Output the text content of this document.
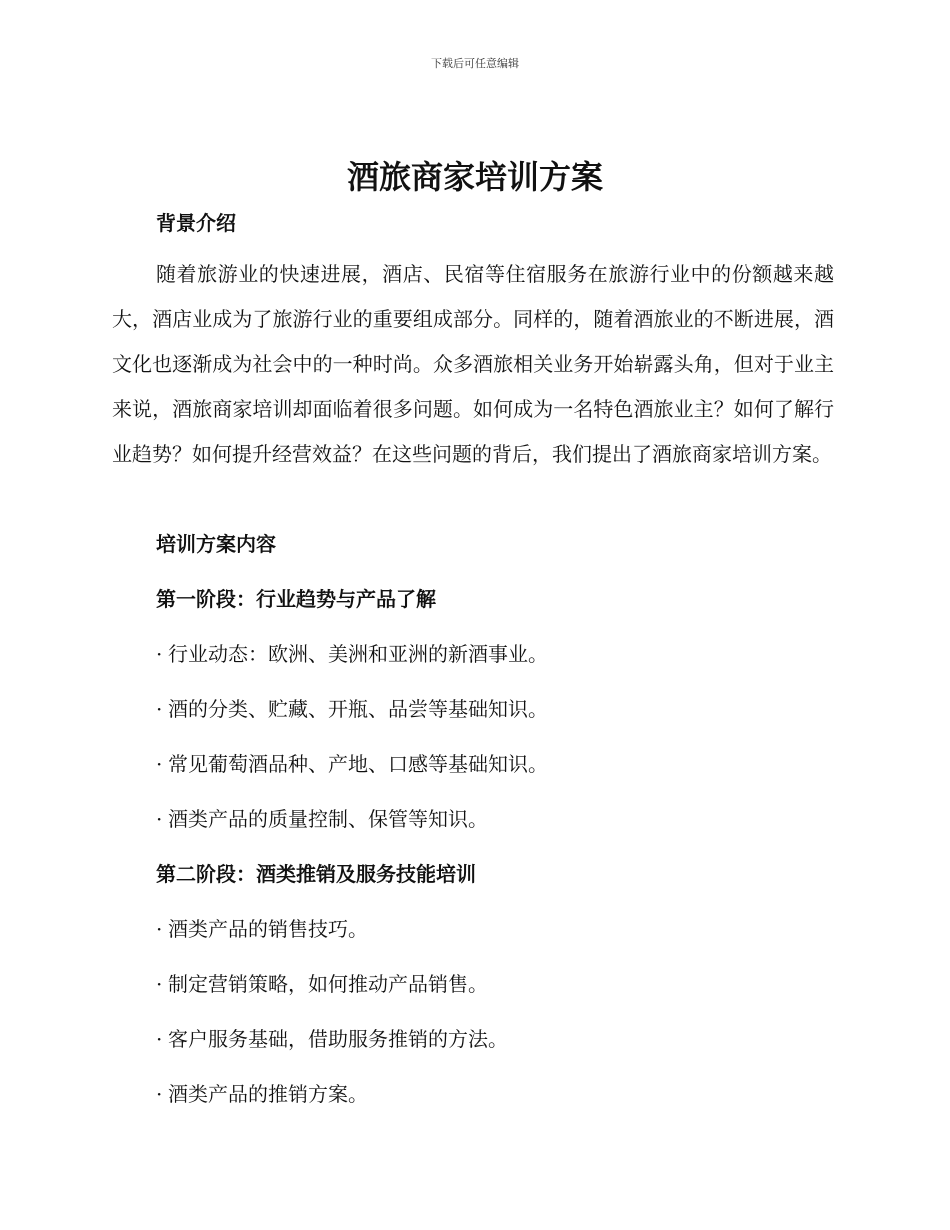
下载后可任意编辑
酒旅商家培训方案
背景介绍

随着旅游业的快速进展，酒店、民宿等住宿服务在旅游行业中的份额越来越大，酒店业成为了旅游行业的重要组成部分。同样的，随着酒旅业的不断进展，酒文化也逐渐成为社会中的一种时尚。众多酒旅相关业务开始崭露头角，但对于业主来说，酒旅商家培训却面临着很多问题。如何成为一名特色酒旅业主？如何了解行业趋势？如何提升经营效益？在这些问题的背后，我们提出了酒旅商家培训方案。

培训方案内容
第一阶段：行业趋势与产品了解

· 行业动态：欧洲、美洲和亚洲的新酒事业。

· 酒的分类、贮藏、开瓶、品尝等基础知识。

· 常见葡萄酒品种、产地、口感等基础知识。

· 酒类产品的质量控制、保管等知识。

第二阶段：酒类推销及服务技能培训

· 酒类产品的销售技巧。

· 制定营销策略，如何推动产品销售。

· 客户服务基础，借助服务推销的方法。

· 酒类产品的推销方案。
